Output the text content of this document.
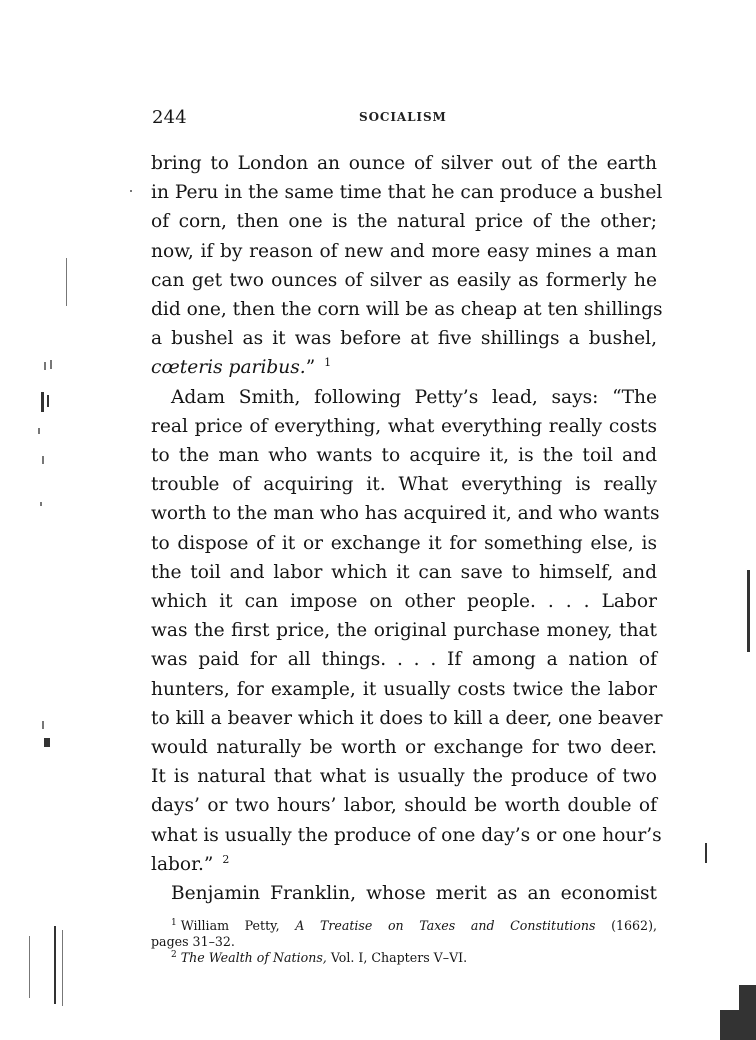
244	SOCIALISM
bring to London an ounce of silver out of the earth
in Peru in the same time that he can produce a bushel
of corn, then one is the natural price of the other;
now, if by reason of new and more easy mines a man
can get two ounces of silver as easily as formerly he
did one, then the corn will be as cheap at ten shillings
a bushel as it was before at five shillings a bushel,
cœteris paribus.” $^1$
Adam Smith, following Petty’s lead, says: “The
real price of everything, what everything really costs
to the man who wants to acquire it, is the toil and
trouble of acquiring it. What everything is really
worth to the man who has acquired it, and who wants
to dispose of it or exchange it for something else, is
the toil and labor which it can save to himself, and
which it can impose on other people. . . . Labor
was the first price, the original purchase money, that
was paid for all things. . . . If among a nation of
hunters, for example, it usually costs twice the labor
to kill a beaver which it does to kill a deer, one beaver
would naturally be worth or exchange for two deer.
It is natural that what is usually the produce of two
days’ or two hours’ labor, should be worth double of
what is usually the produce of one day’s or one hour’s
labor.” $^2$
Benjamin Franklin, whose merit as an economist
$^1$ William Petty, A Treatise on Taxes and Constitutions (1662),
pages 31–32.
$^2$ The Wealth of Nations, Vol. I, Chapters V–VI.
